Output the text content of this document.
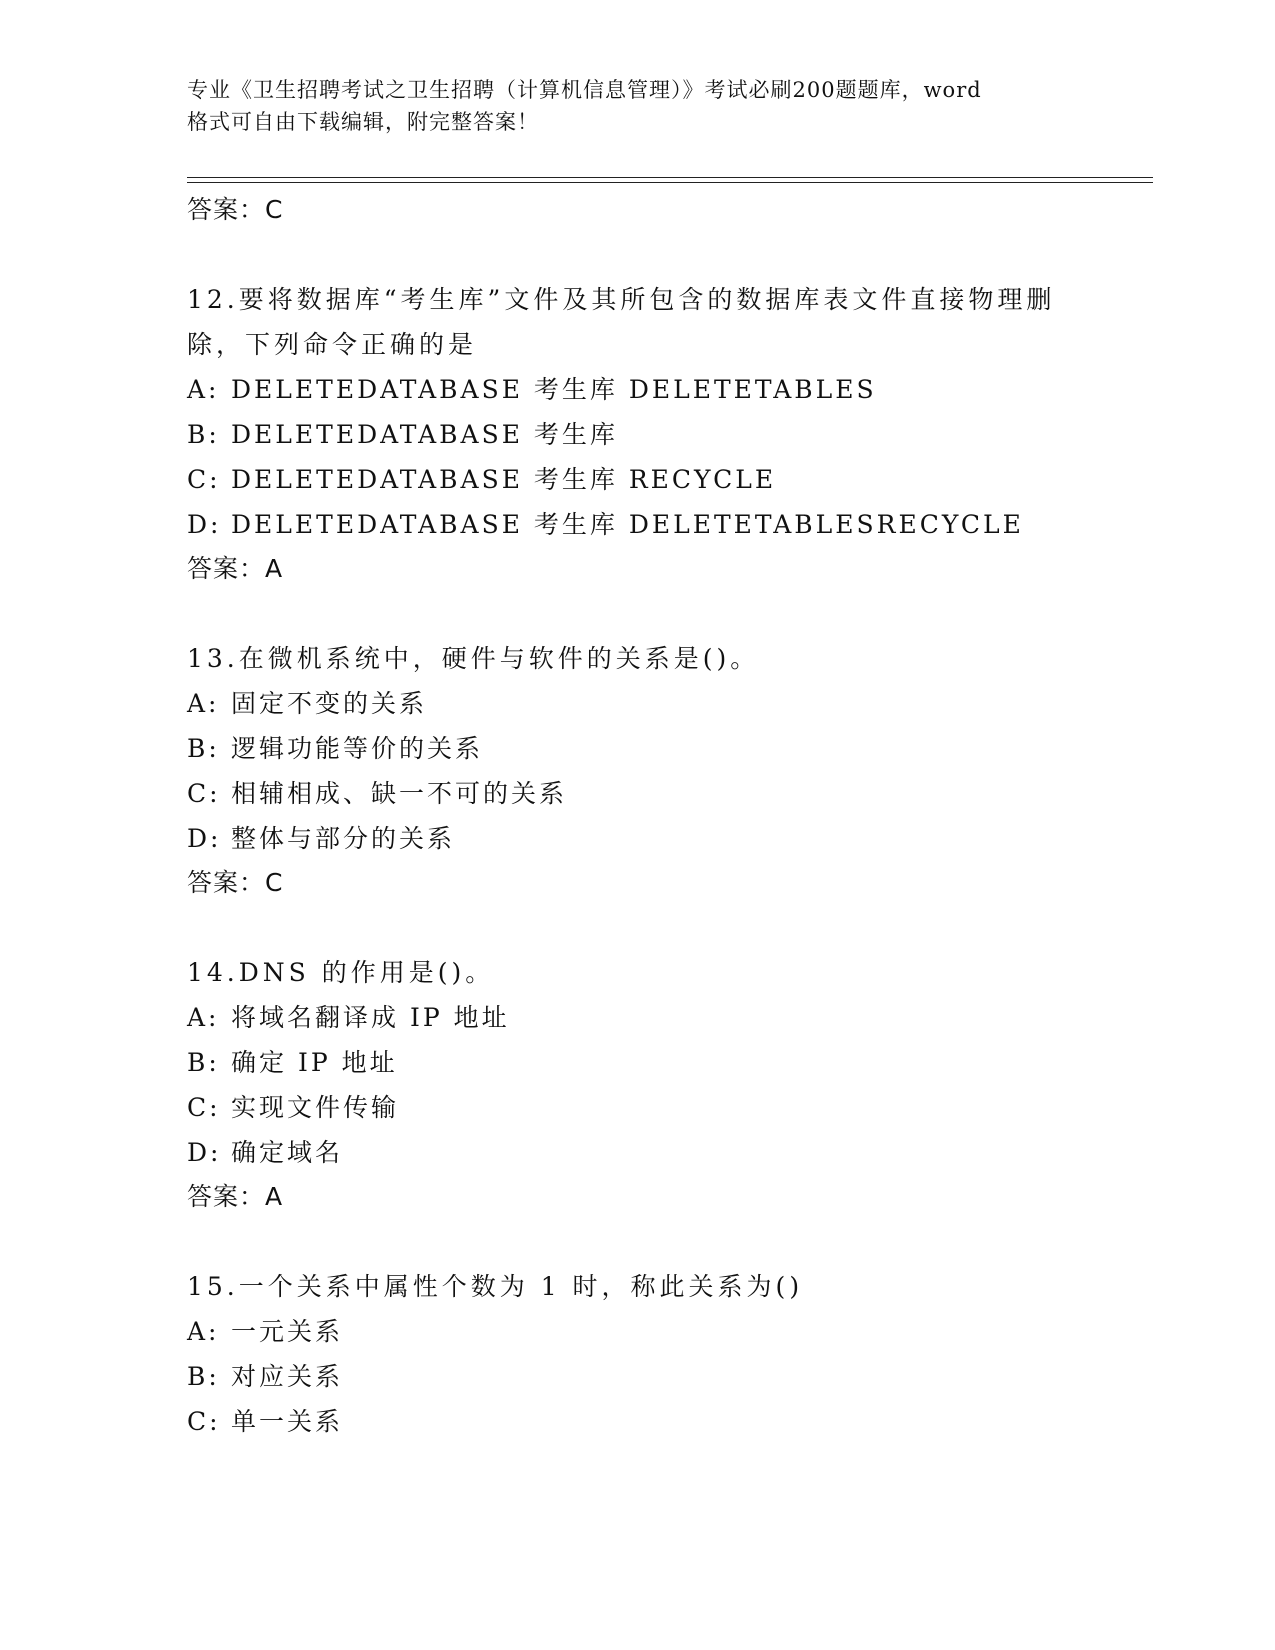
专业《卫生招聘考试之卫生招聘（计算机信息管理）》考试必刷200题题库，word
格式可自由下载编辑，附完整答案！
答案：C
12.要将数据库“考生库”文件及其所包含的数据库表文件直接物理删
除，下列命令正确的是
A: DELETEDATABASE 考生库 DELETETABLES
B: DELETEDATABASE 考生库
C: DELETEDATABASE 考生库 RECYCLE
D: DELETEDATABASE 考生库 DELETETABLESRECYCLE
答案：A
13.在微机系统中，硬件与软件的关系是()。
A: 固定不变的关系
B: 逻辑功能等价的关系
C: 相辅相成、缺一不可的关系
D: 整体与部分的关系
答案：C
14.DNS 的作用是()。
A: 将域名翻译成 IP 地址
B: 确定 IP 地址
C: 实现文件传输
D: 确定域名
答案：A
15.一个关系中属性个数为 1 时，称此关系为()
A: 一元关系
B: 对应关系
C: 单一关系
